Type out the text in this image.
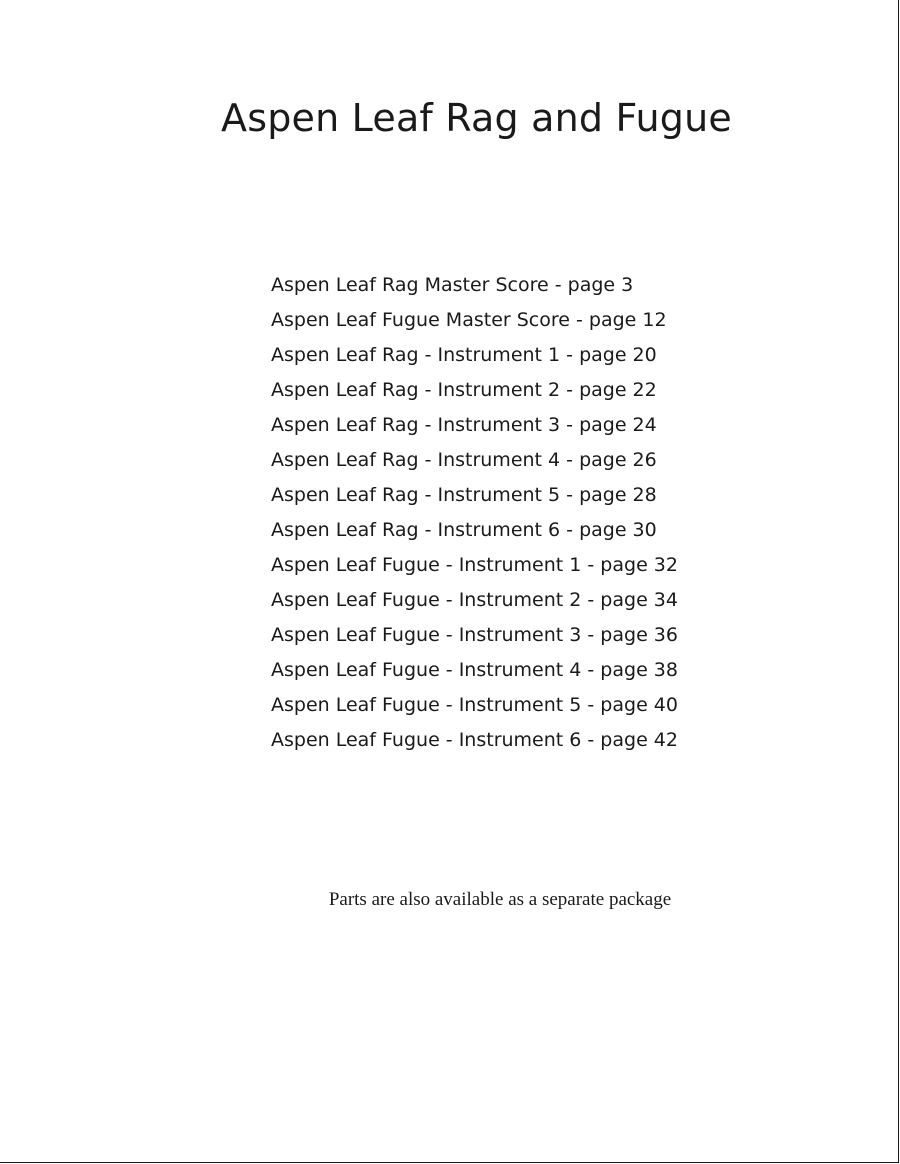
Aspen Leaf Rag and Fugue
Aspen Leaf Rag Master Score - page 3
Aspen Leaf Fugue Master Score - page 12
Aspen Leaf Rag - Instrument 1 - page 20
Aspen Leaf Rag - Instrument 2 - page 22
Aspen Leaf Rag - Instrument 3 - page 24
Aspen Leaf Rag - Instrument 4 - page 26
Aspen Leaf Rag - Instrument 5 - page 28
Aspen Leaf Rag - Instrument 6 - page 30
Aspen Leaf Fugue - Instrument 1 - page 32
Aspen Leaf Fugue - Instrument 2 - page 34
Aspen Leaf Fugue - Instrument 3 - page 36
Aspen Leaf Fugue - Instrument 4 - page 38
Aspen Leaf Fugue - Instrument 5 - page 40
Aspen Leaf Fugue - Instrument 6 - page 42

Parts are also available as a separate package
